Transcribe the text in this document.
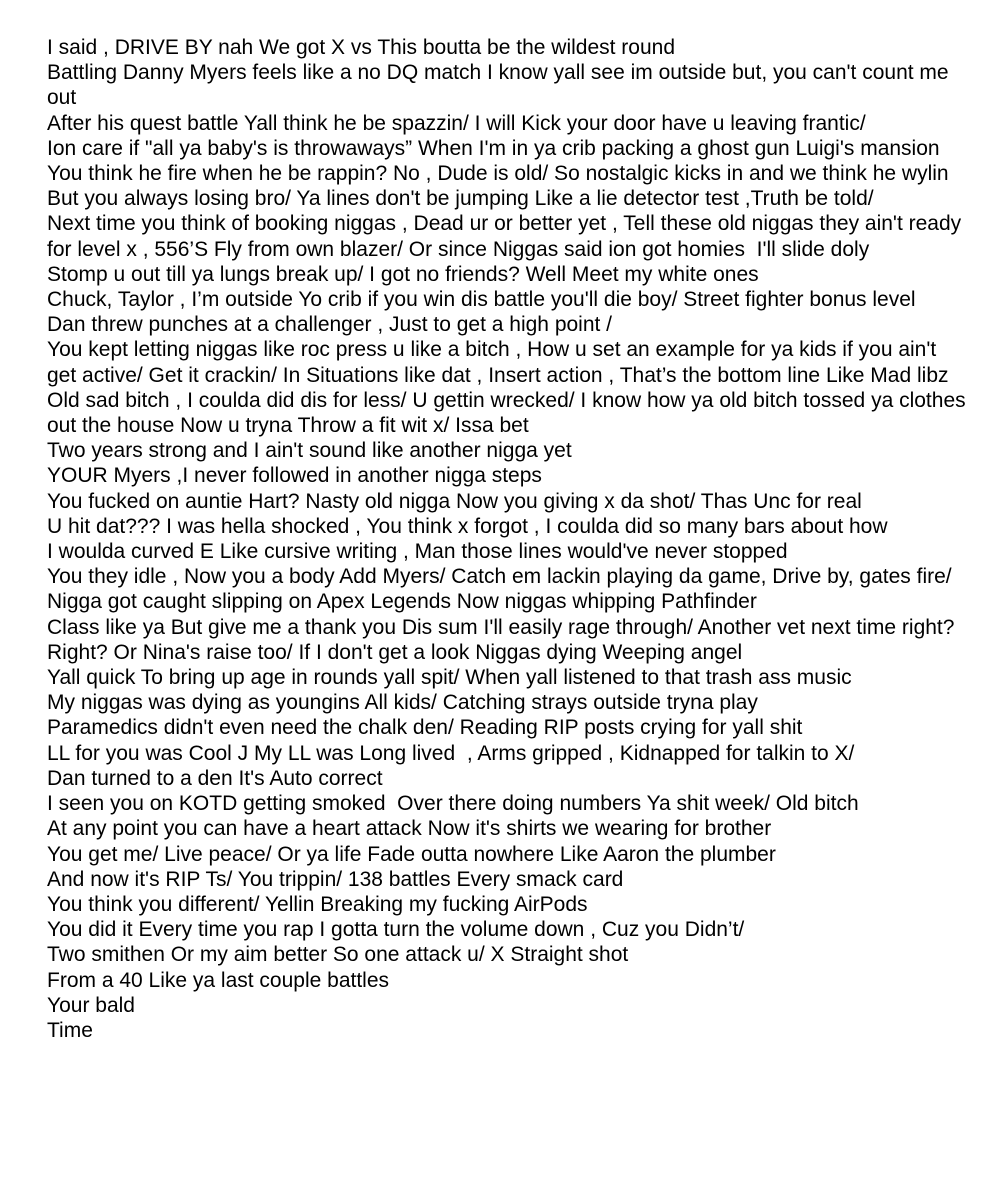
I said , DRIVE BY nah We got X vs This boutta be the wildest round

Battling Danny Myers feels like a no DQ match I know yall see im outside but, you can't count me out

After his quest battle Yall think he be spazzin/ I will Kick your door have u leaving frantic/

Ion care if "all ya baby's is throwaways” When I'm in ya crib packing a ghost gun Luigi's mansion

You think he fire when he be rappin? No , Dude is old/ So nostalgic kicks in and we think he wylin

But you always losing bro/ Ya lines don't be jumping Like a lie detector test ,Truth be told/

Next time you think of booking niggas , Dead ur or better yet , Tell these old niggas they ain't ready for level x , 556’S Fly from own blazer/ Or since Niggas said ion got homies  I'll slide doly

Stomp u out till ya lungs break up/ I got no friends? Well Meet my white ones

Chuck, Taylor , I’m outside Yo crib if you win dis battle you'll die boy/ Street fighter bonus level

Dan threw punches at a challenger , Just to get a high point /

You kept letting niggas like roc press u like a bitch , How u set an example for ya kids if you ain't get active/ Get it crackin/ In Situations like dat , Insert action , That’s the bottom line Like Mad libz

Old sad bitch , I coulda did dis for less/ U gettin wrecked/ I know how ya old bitch tossed ya clothes out the house Now u tryna Throw a fit wit x/ Issa bet

Two years strong and I ain't sound like another nigga yet

YOUR Myers ,I never followed in another nigga steps

You fucked on auntie Hart? Nasty old nigga Now you giving x da shot/ Thas Unc for real

U hit dat??? I was hella shocked , You think x forgot , I coulda did so many bars about how

I woulda curved E Like cursive writing , Man those lines would've never stopped

You they idle , Now you a body Add Myers/ Catch em lackin playing da game, Drive by, gates fire/ Nigga got caught slipping on Apex Legends Now niggas whipping Pathfinder

Class like ya But give me a thank you Dis sum I'll easily rage through/ Another vet next time right? Right? Or Nina's raise too/ If I don't get a look Niggas dying Weeping angel

Yall quick To bring up age in rounds yall spit/ When yall listened to that trash ass music

My niggas was dying as youngins All kids/ Catching strays outside tryna play

Paramedics didn't even need the chalk den/ Reading RIP posts crying for yall shit

LL for you was Cool J My LL was Long lived  , Arms gripped , Kidnapped for talkin to X/

Dan turned to a den It's Auto correct

I seen you on KOTD getting smoked  Over there doing numbers Ya shit week/ Old bitch

At any point you can have a heart attack Now it's shirts we wearing for brother

You get me/ Live peace/ Or ya life Fade outta nowhere Like Aaron the plumber

And now it's RIP Ts/ You trippin/ 138 battles Every smack card

You think you different/ Yellin Breaking my fucking AirPods

You did it Every time you rap I gotta turn the volume down , Cuz you Didn’t/

Two smithen Or my aim better So one attack u/ X Straight shot

From a 40 Like ya last couple battles

Your bald

Time
